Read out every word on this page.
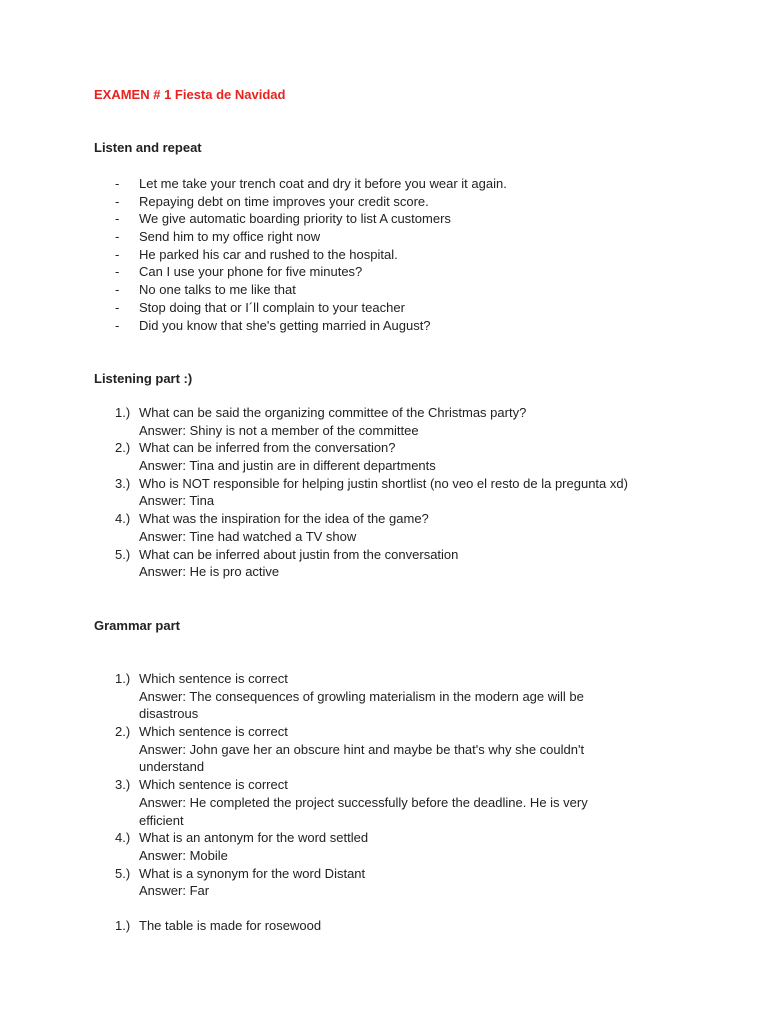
EXAMEN # 1 Fiesta de Navidad
Listen and repeat
- Let me take your trench coat and dry it before you wear it again.
- Repaying debt on time improves your credit score.
- We give automatic boarding priority to list A customers
- Send him to my office right now
- He parked his car and rushed to the hospital.
- Can I use your phone for five minutes?
- No one talks to me like that
- Stop doing that or I´ll complain to your teacher
- Did you know that she's getting married in August?
Listening part :)
1.) What can be said the organizing committee of the Christmas party?
Answer: Shiny is not a member of the committee
2.) What can be inferred from the conversation?
Answer: Tina and justin are in different departments
3.) Who is NOT responsible for helping justin shortlist (no veo el resto de la pregunta xd)
Answer: Tina
4.) What was the inspiration for the idea of the game?
Answer: Tine had watched a TV show
5.) What can be inferred about justin from the conversation
Answer: He is pro active
Grammar part
1.) Which sentence is correct
Answer: The consequences of growling materialism in the modern age will be
disastrous
2.) Which sentence is correct
Answer: John gave her an obscure hint and maybe be that's why she couldn't
understand
3.) Which sentence is correct
Answer: He completed the project successfully before the deadline. He is very
efficient
4.) What is an antonym for the word settled
Answer: Mobile
5.) What is a synonym for the word Distant
Answer: Far
1.) The table is made for rosewood
